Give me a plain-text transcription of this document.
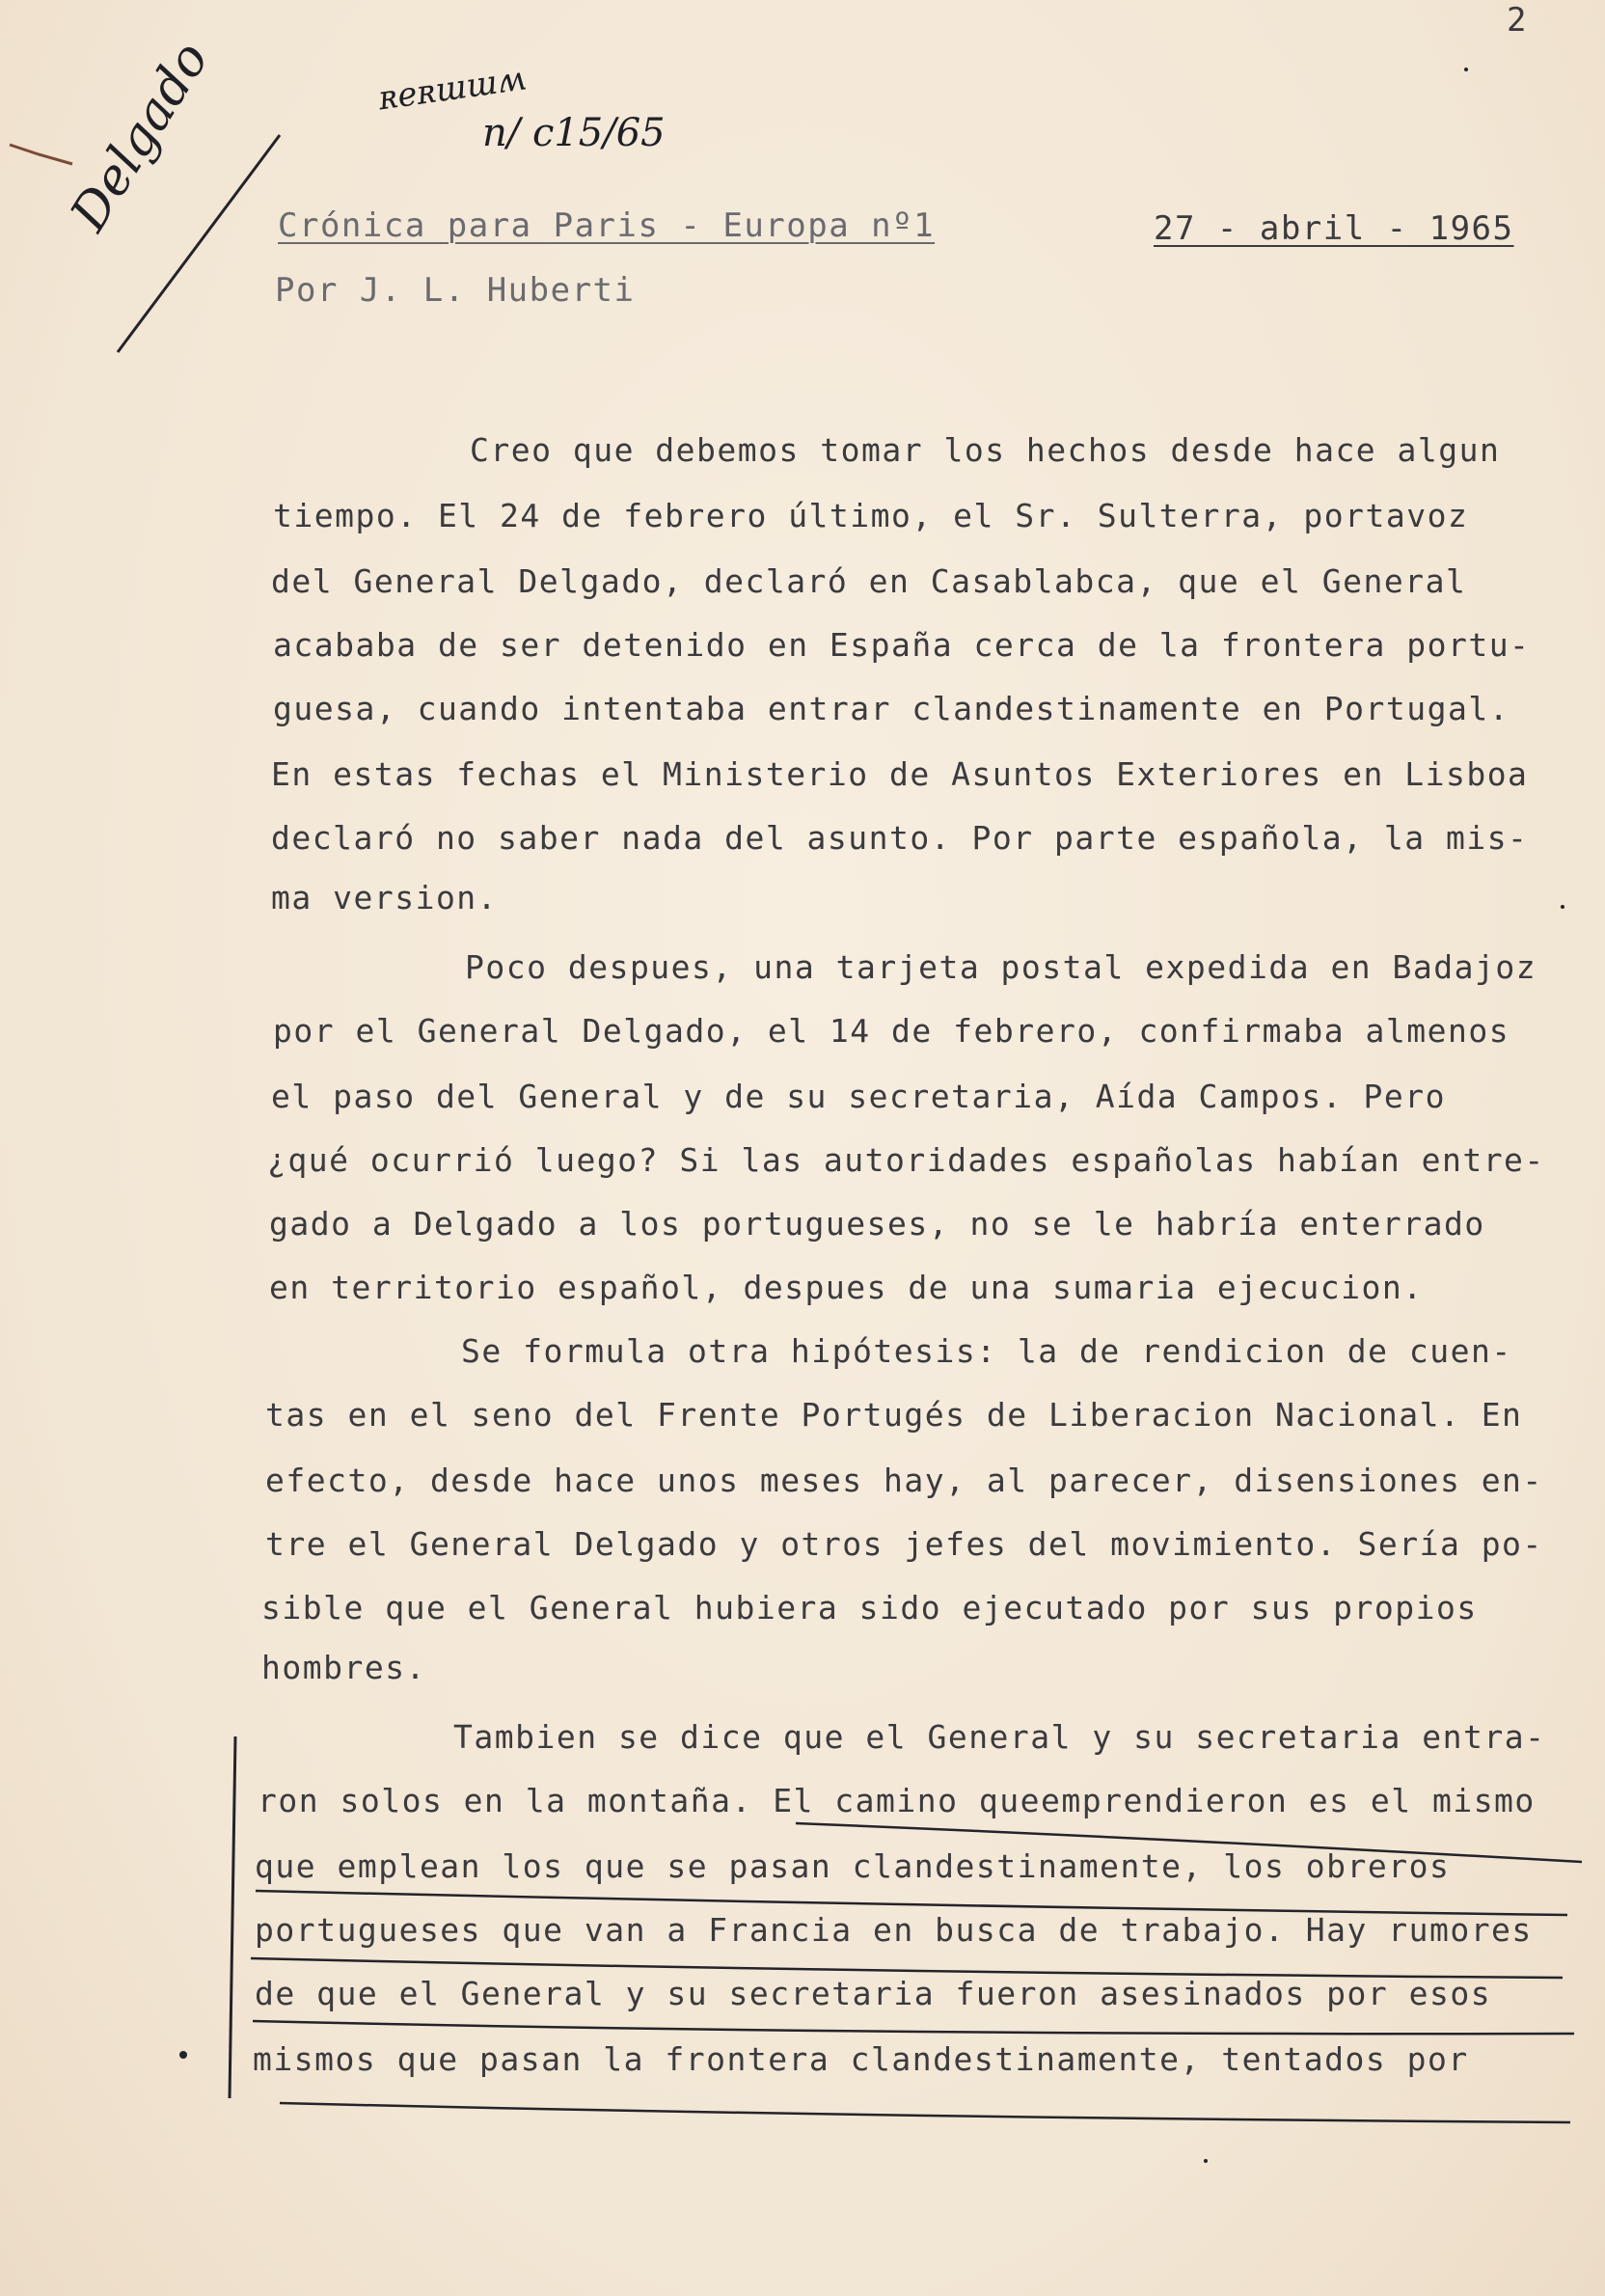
2
ʀeʀɯɯʍ
n/ c15/65
Delgado Crónica para Paris - Europa nº1	27 - abril - 1965
Por J. L. Huberti
Creo que debemos tomar los hechos desde hace algun
tiempo. El 24 de febrero último, el Sr. Sulterra, portavoz
del General Delgado, declaró en Casablabca, que el General
acababa de ser detenido en España cerca de la frontera portu-
guesa, cuando intentaba entrar clandestinamente en Portugal.
En estas fechas el Ministerio de Asuntos Exteriores en Lisboa
declaró no saber nada del asunto. Por parte española, la mis-
ma version.
Poco despues, una tarjeta postal expedida en Badajoz
por el General Delgado, el 14 de febrero, confirmaba almenos
el paso del General y de su secretaria, Aída Campos. Pero
¿qué ocurrió luego? Si las autoridades españolas habían entre-
gado a Delgado a los portugueses, no se le habría enterrado
en territorio español, despues de una sumaria ejecucion.
Se formula otra hipótesis: la de rendicion de cuen-
tas en el seno del Frente Portugés de Liberacion Nacional. En
efecto, desde hace unos meses hay, al parecer, disensiones en-
tre el General Delgado y otros jefes del movimiento. Sería po-
sible que el General hubiera sido ejecutado por sus propios
hombres.
Tambien se dice que el General y su secretaria entra-
ron solos en la montaña. El camino queemprendieron es el mismo
que emplean los que se pasan clandestinamente, los obreros
portugueses que van a Francia en busca de trabajo. Hay rumores
de que el General y su secretaria fueron asesinados por esos
mismos que pasan la frontera clandestinamente, tentados por
